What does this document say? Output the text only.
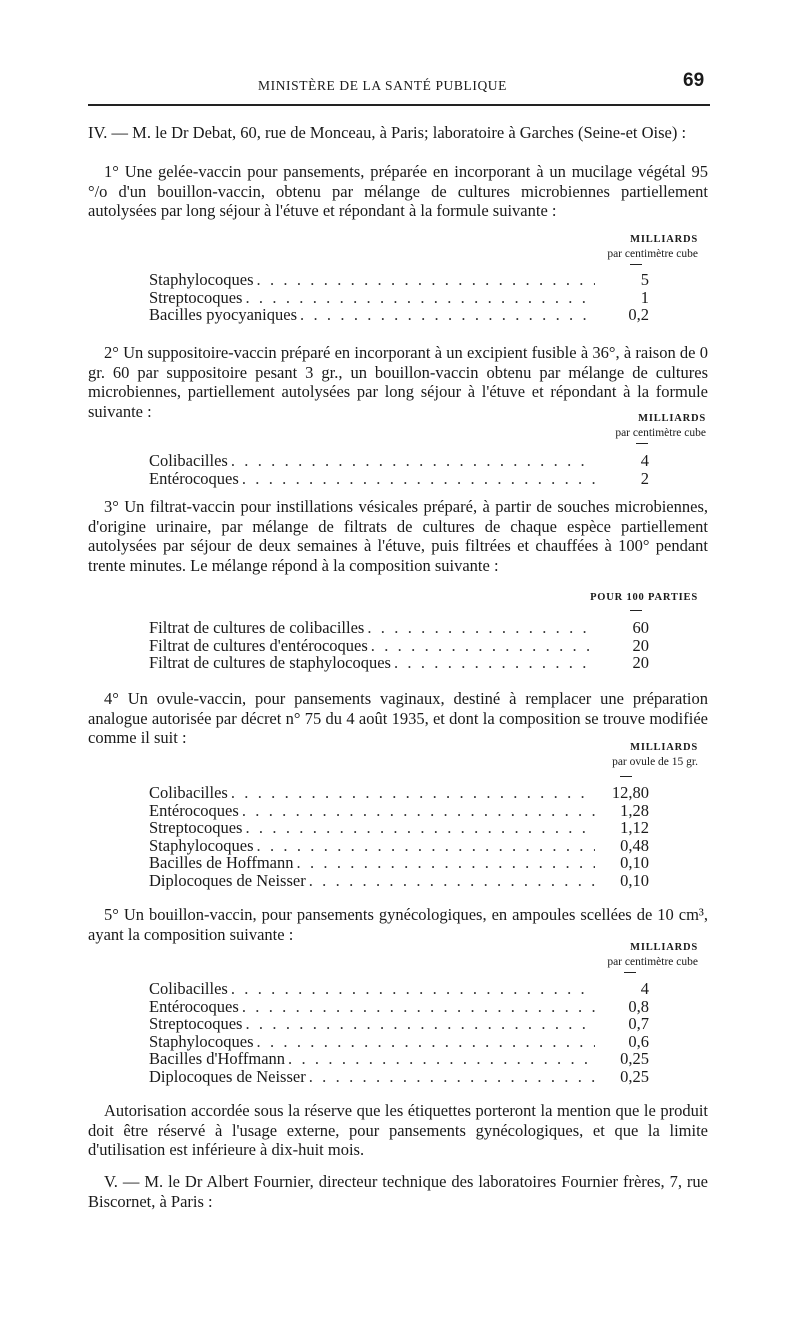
MINISTÈRE DE LA SANTÉ PUBLIQUE	69

IV. — M. le Dr Debat, 60, rue de Monceau, à Paris; laboratoire à Garches (Seine-et Oise) :

1° Une gelée-vaccin pour pansements, préparée en incorporant à un mucilage végétal 95 °/o d'un bouillon-vaccin, obtenu par mélange de cultures microbiennes partiellement autolysées par long séjour à l'étuve et répondant à la formule suivante :

MILLIARDS
par centimètre cube
Staphylocoques . . .	5
Streptocoques . . .	1
Bacilles pyocyaniques . . .	0,2

2° Un suppositoire-vaccin préparé en incorporant à un excipient fusible à 36°, à raison de 0 gr. 60 par suppositoire pesant 3 gr., un bouillon-vaccin obtenu par mélange de cultures microbiennes, partiellement autolysées par long séjour à l'étuve et répondant à la formule suivante :	MILLIARDS
par centimètre cube
Colibacilles . . .	4
Entérocoques . . .	2

3° Un filtrat-vaccin pour instillations vésicales préparé, à partir de souches microbiennes, d'origine urinaire, par mélange de filtrats de cultures de chaque espèce partiellement autolysées par séjour de deux semaines à l'étuve, puis filtrées et chauffées à 100° pendant trente minutes. Le mélange répond à la composition suivante :

POUR 100 PARTIES
Filtrat de cultures de colibacilles . . .	60
Filtrat de cultures d'entérocoques . . .	20
Filtrat de cultures de staphylocoques . . .	20

4° Un ovule-vaccin, pour pansements vaginaux, destiné à remplacer une préparation analogue autorisée par décret n° 75 du 4 août 1935, et dont la composition se trouve modifiée comme il suit :

MILLIARDS
par ovule de 15 gr.
Colibacilles . . .	12,80
Entérocoques . . .	1,28
Streptocoques . . .	1,12
Staphylocoques . . .	0,48
Bacilles de Hoffmann . . .	0,10
Diplocoques de Neisser . . .	0,10

5° Un bouillon-vaccin, pour pansements gynécologiques, en ampoules scellées de 10 cm³, ayant la composition suivante :

MILLIARDS
par centimètre cube
Colibacilles . . .	4
Entérocoques . . .	0,8
Streptocoques . . .	0,7
Staphylocoques . . .	0,6
Bacilles d'Hoffmann . . .	0,25
Diplocoques de Neisser . . .	0,25

Autorisation accordée sous la réserve que les étiquettes porteront la mention que le produit doit être réservé à l'usage externe, pour pansements gynécologiques, et que la limite d'utilisation est inférieure à dix-huit mois.

V. — M. le Dr Albert Fournier, directeur technique des laboratoires Fournier frères, 7, rue Biscornet, à Paris :
